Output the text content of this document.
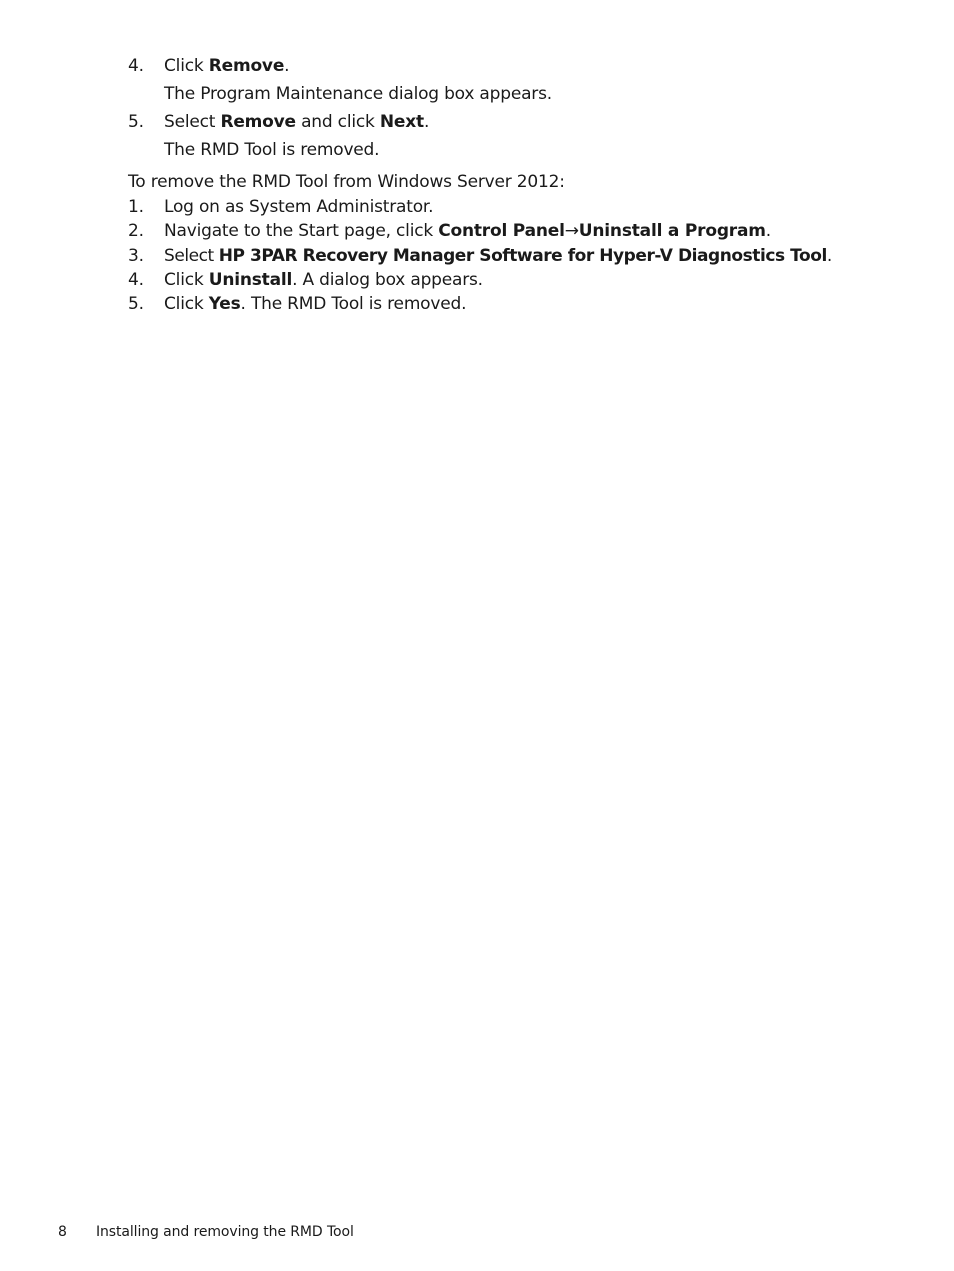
4. Click Remove.
The Program Maintenance dialog box appears.
5. Select Remove and click Next.
The RMD Tool is removed.
To remove the RMD Tool from Windows Server 2012:
1. Log on as System Administrator.
2. Navigate to the Start page, click Control Panel→Uninstall a Program.
3. Select HP 3PAR Recovery Manager Software for Hyper-V Diagnostics Tool.
4. Click Uninstall. A dialog box appears.
5. Click Yes. The RMD Tool is removed.
8 Installing and removing the RMD Tool
